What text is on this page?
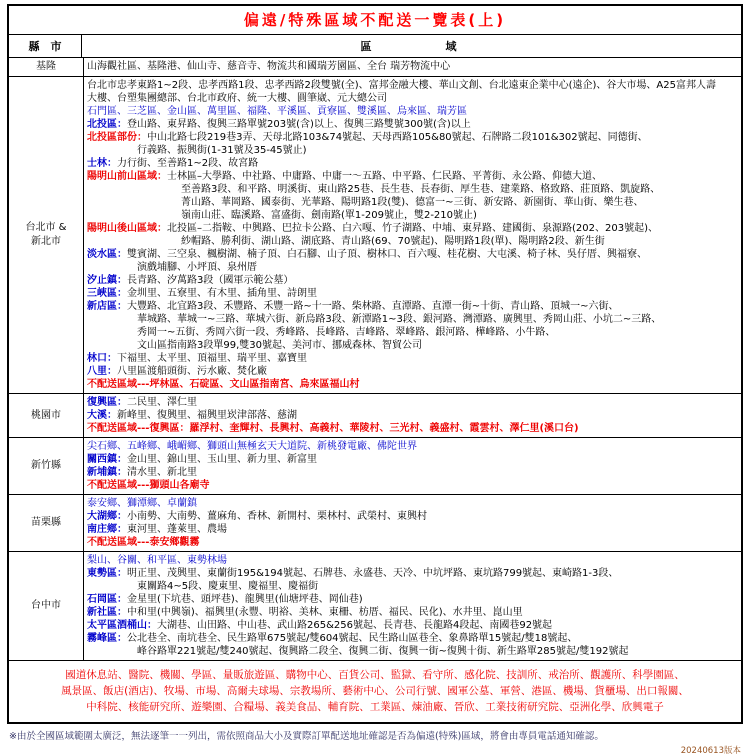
偏遠/特殊區域不配送一覽表(上)
縣　市	區　　　　域
基隆	山海觀社區、基隆港、仙山寺、慈音寺、物流共和國瑞芳園區、全台 瑞芳物流中心
台北市 &
新北市
台北市忠孝東路1~2段、忠孝西路1段、忠孝西路2段雙號(全)、富邦金融大樓、華山文創、台北遠東企業中心(遠企)、谷大市場、A25富邦人壽
大樓、台塑集團總部、台北市政府、統一大樓、圓筆崴、元大總公司
石門區、三芝區、金山區、萬里區、福隆、平溪區、貢寮區、雙溪區、烏來區、瑞芳區
北投區：登山路、東昇路、復興三路單號203號(含)以上、復興三路雙號300號(含)以上
北投區部份：中山北路七段219巷3弄、天母北路103&74號起、天母西路105&80號起、石牌路二段101&302號起、同德街、
行義路、振興街(1-31號及35-45號止)
士林：力行街、至善路1~2段、故宮路
陽明山前山區域：士林區–大學路、中社路、中庸路、中庸一～五路、中平路、仁民路、平菁街、永公路、仰德大道、
至善路3段、和平路、明溪街、東山路25巷、長生巷、長春街、厚生巷、建業路、格致路、莊頂路、凱旋路、
菁山路、華岡路、國泰街、光華路、陽明路1段(雙)、德富一~三街、新安路、新園街、華山街、樂生巷、
嶺南山莊、臨溪路、富盛街、劍南路(單1-209號止，雙2-210號止)
陽明山後山區域：北投區–二指鞍、中興路、巴拉卡公路、白六嘎、竹子湖路、中埔、東昇路、建國街、泉源路(202、203號起)、
紗帽路、勝利街、湖山路、湖底路、青山路(69、70號起)、陽明路1段(單)、陽明路2段、新生街
淡水區：雙賓湖、三空泉、楓樹湖、楠子頂、白石腳、山子頂、樹林口、百六嘎、桂花樹、大屯溪、椅子林、吳仔厝、興福寮、
演戲埔腳、小坪頂、泉州厝
汐止鎮：長青路、汐萬路3段（國軍示範公墓）
三峽區：金圳里、五寮里、有木里、插角里、詩朗里
新店區：大豐路、北宜路3段、禾豐路、禾豐一路~十一路、柴林路、直潭路、直潭一街~十街、青山路、頂城一~六街、
華城路、華城一~三路、華城六街、新烏路3段、新潭路1~3段、銀河路、灣潭路、廣興里、秀岡山莊、小坑二~三路、
秀岡一~五街、秀岡六街一段、秀峰路、長峰路、吉峰路、翠峰路、銀河路、樺峰路、小牛路、
文山區指南路3段單99,雙30號起、美河市、挪威森林、智貿公司
林口：下福里、太平里、頂福里、瑞平里、嘉寶里
八里：八里區渡船頭街、污水廠、焚化廠
不配送區域---坪林區、石碇區、文山區指南宮、烏來區福山村
桃園市
復興區：二民里、澤仁里
大溪：新峰里、復興里、福興里崁津部落、慈湖
不配送區域---復興區：羅浮村、奎輝村、長興村、高義村、華陵村、三光村、義盛村、霞雲村、澤仁里(溪口台)
新竹縣
尖石鄉、五峰鄉、峨嵋鄉、獅頭山無極玄天大道院、新桃發電廠、佛陀世界
關西鎮：金山里、錦山里、玉山里、新力里、新富里
新埔鎮：清水里、新北里
不配送區域---獅頭山各廟寺
苗栗縣
泰安鄉、獅潭鄉、卓蘭鎮
大湖鄉：小南勢、大南勢、薑麻角、香林、新開村、栗林村、武榮村、東興村
南庄鄉：東河里、蓬萊里、農場
不配送區域---泰安鄉觀霧
台中市
梨山、谷關、和平區、東勢林場
東勢區：明正里、茂興里、東蘭街195&194號起、石牌巷、永盛巷、天冷、中坑坪路、東坑路799號起、東崎路1-3段、
東關路4~5段、慶東里、慶福里、慶福街
石岡區：金星里(下坑巷、頭坪巷)、龍興里(仙塘坪巷、岡仙巷)
新社區：中和里(中興嶺)、福興里(永豐、明裕、美林、東柵、枋厝、福民、民化)、水井里、崑山里
太平區酒桶山：大湖巷、山田路、中山巷、武山路265&256號起、長青巷、長龍路4段起、南國巷92號起
霧峰區：公北巷全、南坑巷全、民生路單675號起/雙604號起、民生路山區巷全、象鼻路單15號起/雙18號起、
峰谷路單221號起/雙240號起、復興路二段全、復興二街、復興一街~復興十街、新生路單285號起/雙192號起
國道休息站、醫院、機關、學區、量販旅遊區、購物中心、百貨公司、監獄、看守所、感化院、技訓所、戒治所、觀護所、科學園區、
風景區、飯店(酒店)、牧場、市場、高爾夫球場、宗教場所、藝術中心、公司行號、國軍公墓、軍營、港區、機場、貨櫃場、出口報關、
中科院、核能研究所、遊樂園、合糧場、義美食品、輔育院、工業區、煉油廠、晉欣、工業技術研究院、亞洲化學、欣興電子
※由於全國區域範圍太廣泛，無法逐筆一一列出，需依照商品大小及實際訂單配送地址確認是否為偏遠(特殊)區域，將會由專員電話通知確認。
20240613版本
